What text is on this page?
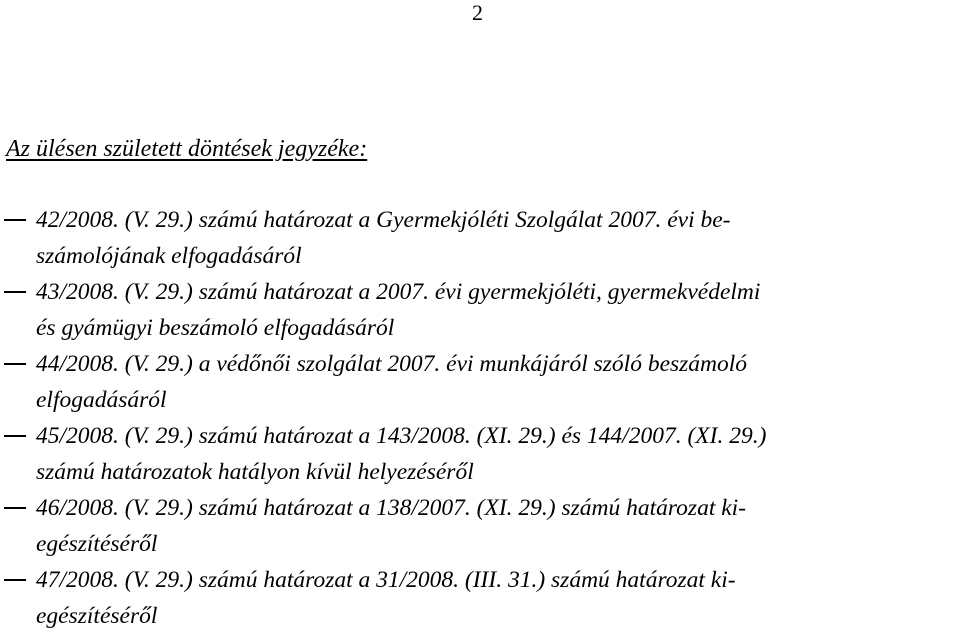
2
Az ülésen született döntések jegyzéke:
42/2008. (V. 29.) számú határozat a Gyermekjóléti Szolgálat 2007. évi be-
számolójának elfogadásáról
43/2008. (V. 29.) számú határozat a 2007. évi gyermekjóléti, gyermekvédelmi
és gyámügyi beszámoló elfogadásáról
44/2008. (V. 29.) a védőnői szolgálat 2007. évi munkájáról szóló beszámoló
elfogadásáról
45/2008. (V. 29.) számú határozat a 143/2008. (XI. 29.) és 144/2007. (XI. 29.)
számú határozatok hatályon kívül helyezéséről
46/2008. (V. 29.) számú határozat a 138/2007. (XI. 29.) számú határozat ki-
egészítéséről
47/2008. (V. 29.) számú határozat a 31/2008. (III. 31.) számú határozat ki-
egészítéséről
